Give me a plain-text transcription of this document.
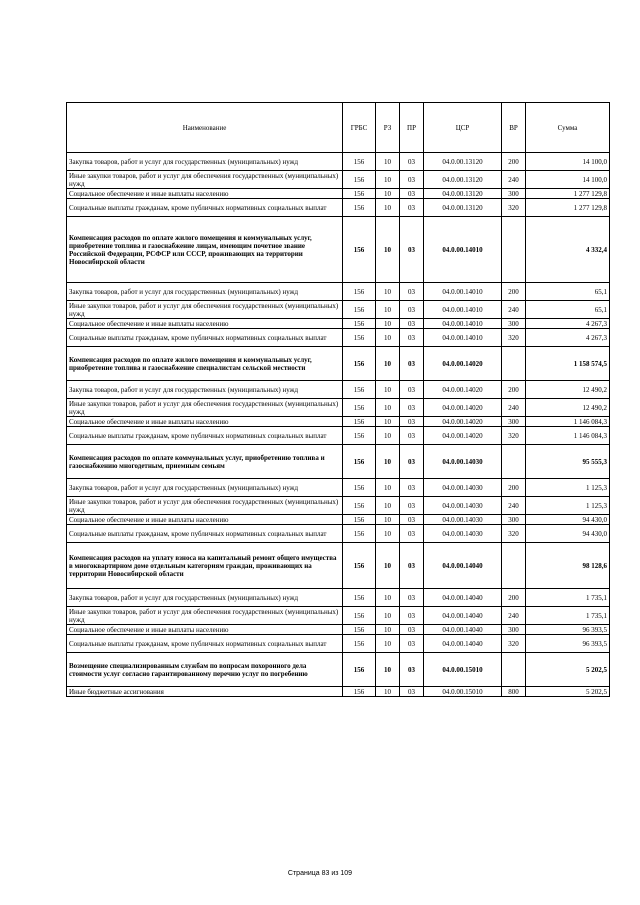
Наименование	ГРБС	РЗ	ПР	ЦСР	ВР	Сумма
Закупка товаров, работ и услуг для государственных (муниципальных) нужд	156	10	03	04.0.00.13120	200	14 100,0
Иные закупки товаров, работ и услуг для обеспечения государственных (муниципальных) нужд	156	10	03	04.0.00.13120	240	14 100,0
Социальное обеспечение и иные выплаты населению	156	10	03	04.0.00.13120	300	1 277 129,8
Социальные выплаты гражданам, кроме публичных нормативных социальных выплат	156	10	03	04.0.00.13120	320	1 277 129,8
Компенсация расходов по оплате жилого помещения и коммунальных услуг, приобретение топлива и газоснабжение лицам, имеющим почетное звание Российской Федерации, РСФСР или СССР, проживающих на территории Новосибирской области	156	10	03	04.0.00.14010		4 332,4
Закупка товаров, работ и услуг для государственных (муниципальных) нужд	156	10	03	04.0.00.14010	200	65,1
Иные закупки товаров, работ и услуг для обеспечения государственных (муниципальных) нужд	156	10	03	04.0.00.14010	240	65,1
Социальное обеспечение и иные выплаты населению	156	10	03	04.0.00.14010	300	4 267,3
Социальные выплаты гражданам, кроме публичных нормативных социальных выплат	156	10	03	04.0.00.14010	320	4 267,3
Компенсация расходов по оплате жилого помещения и коммунальных услуг, приобретение топлива и газоснабжение специалистам сельской местности	156	10	03	04.0.00.14020		1 158 574,5
Закупка товаров, работ и услуг для государственных (муниципальных) нужд	156	10	03	04.0.00.14020	200	12 490,2
Иные закупки товаров, работ и услуг для обеспечения государственных (муниципальных) нужд	156	10	03	04.0.00.14020	240	12 490,2
Социальное обеспечение и иные выплаты населению	156	10	03	04.0.00.14020	300	1 146 084,3
Социальные выплаты гражданам, кроме публичных нормативных социальных выплат	156	10	03	04.0.00.14020	320	1 146 084,3
Компенсация расходов по оплате коммунальных услуг, приобретению топлива и газоснабжению многодетным, приемным семьям	156	10	03	04.0.00.14030		95 555,3
Закупка товаров, работ и услуг для государственных (муниципальных) нужд	156	10	03	04.0.00.14030	200	1 125,3
Иные закупки товаров, работ и услуг для обеспечения государственных (муниципальных) нужд	156	10	03	04.0.00.14030	240	1 125,3
Социальное обеспечение и иные выплаты населению	156	10	03	04.0.00.14030	300	94 430,0
Социальные выплаты гражданам, кроме публичных нормативных социальных выплат	156	10	03	04.0.00.14030	320	94 430,0
Компенсация расходов на уплату взноса на капитальный ремонт общего имущества в многоквартирном доме отдельным категориям граждан, проживающих на территории Новосибирской области	156	10	03	04.0.00.14040		98 128,6
Закупка товаров, работ и услуг для государственных (муниципальных) нужд	156	10	03	04.0.00.14040	200	1 735,1
Иные закупки товаров, работ и услуг для обеспечения государственных (муниципальных) нужд	156	10	03	04.0.00.14040	240	1 735,1
Социальное обеспечение и иные выплаты населению	156	10	03	04.0.00.14040	300	96 393,5
Социальные выплаты гражданам, кроме публичных нормативных социальных выплат	156	10	03	04.0.00.14040	320	96 393,5
Возмещение специализированным службам по вопросам похоронного дела стоимости услуг согласно гарантированному перечню услуг по погребению	156	10	03	04.0.00.15010		5 202,5
Иные бюджетные ассигнования	156	10	03	04.0.00.15010	800	5 202,5
Страница 83 из 109
